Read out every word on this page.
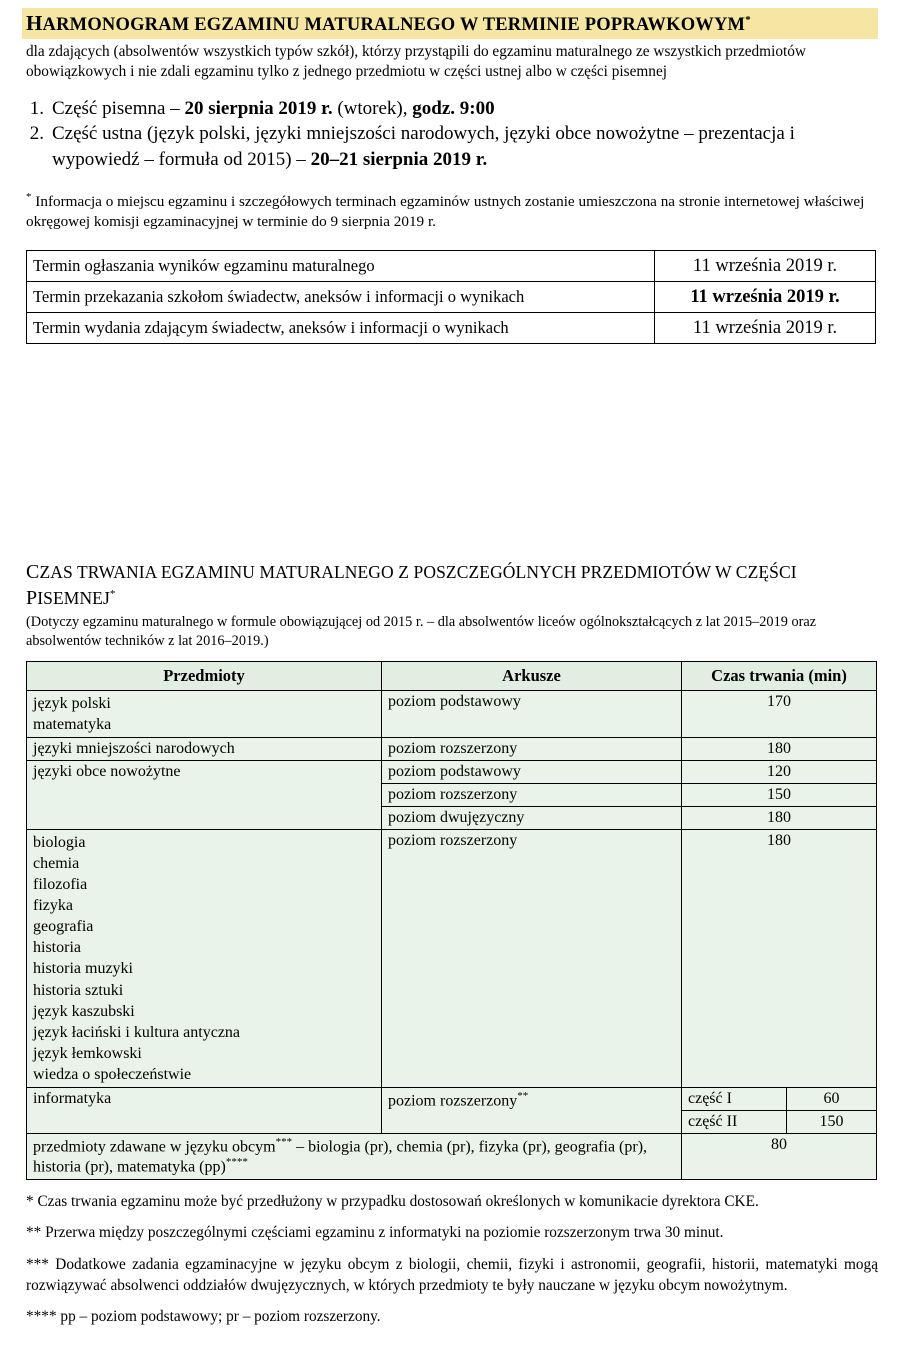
HARMONOGRAM EGZAMINU MATURALNEGO W TERMINIE POPRAWKOWYM*
dla zdających (absolwentów wszystkich typów szkół), którzy przystąpili do egzaminu maturalnego ze wszystkich przedmiotów obowiązkowych i nie zdali egzaminu tylko z jednego przedmiotu w części ustnej albo w części pisemnej
1. Część pisemna – 20 sierpnia 2019 r. (wtorek), godz. 9:00
2. Część ustna (język polski, języki mniejszości narodowych, języki obce nowożytne – prezentacja i wypowiedź – formuła od 2015) – 20–21 sierpnia 2019 r.
* Informacja o miejscu egzaminu i szczegółowych terminach egzaminów ustnych zostanie umieszczona na stronie internetowej właściwej okręgowej komisji egzaminacyjnej w terminie do 9 sierpnia 2019 r.
Termin ogłaszania wyników egzaminu maturalnego	11 września 2019 r.
Termin przekazania szkołom świadectw, aneksów i informacji o wynikach	11 września 2019 r.
Termin wydania zdającym świadectw, aneksów i informacji o wynikach	11 września 2019 r.
CZAS TRWANIA EGZAMINU MATURALNEGO Z POSZCZEGÓLNYCH PRZEDMIOTÓW W CZĘŚCI
PISEMNEJ*
(Dotyczy egzaminu maturalnego w formule obowiązującej od 2015 r. – dla absolwentów liceów ogólnokształcących z lat 2015–2019 oraz absolwentów techników z lat 2016–2019.)
Przedmioty	Arkusze	Czas trwania (min)

język polski
matematyka
	poziom podstawowy	170
języki mniejszości narodowych	poziom rozszerzony	180
języki obce nowożytne	poziom podstawowy	120
poziom rozszerzony	150
poziom dwujęzyczny	180

biologia
chemia
filozofia
fizyka
geografia
historia
historia muzyki
historia sztuki
język kaszubski
język łaciński i kultura antyczna
język łemkowski
wiedza o społeczeństwie
	poziom rozszerzony	180
informatyka	poziom rozszerzony**		część I	60
część II	150

przedmioty zdawane w języku obcym*** – biologia (pr), chemia (pr), fizyka (pr), geografia (pr), historia (pr), matematyka (pp)****	80

* Czas trwania egzaminu może być przedłużony w przypadku dostosowań określonych w komunikacie dyrektora CKE.

** Przerwa między poszczególnymi częściami egzaminu z informatyki na poziomie rozszerzonym trwa 30 minut.

*** Dodatkowe zadania egzaminacyjne w języku obcym z biologii, chemii, fizyki i astronomii, geografii, historii, matematyki mogą rozwiązywać absolwenci oddziałów dwujęzycznych, w których przedmioty te były nauczane w języku obcym nowożytnym.

**** pp – poziom podstawowy; pr – poziom rozszerzony.
